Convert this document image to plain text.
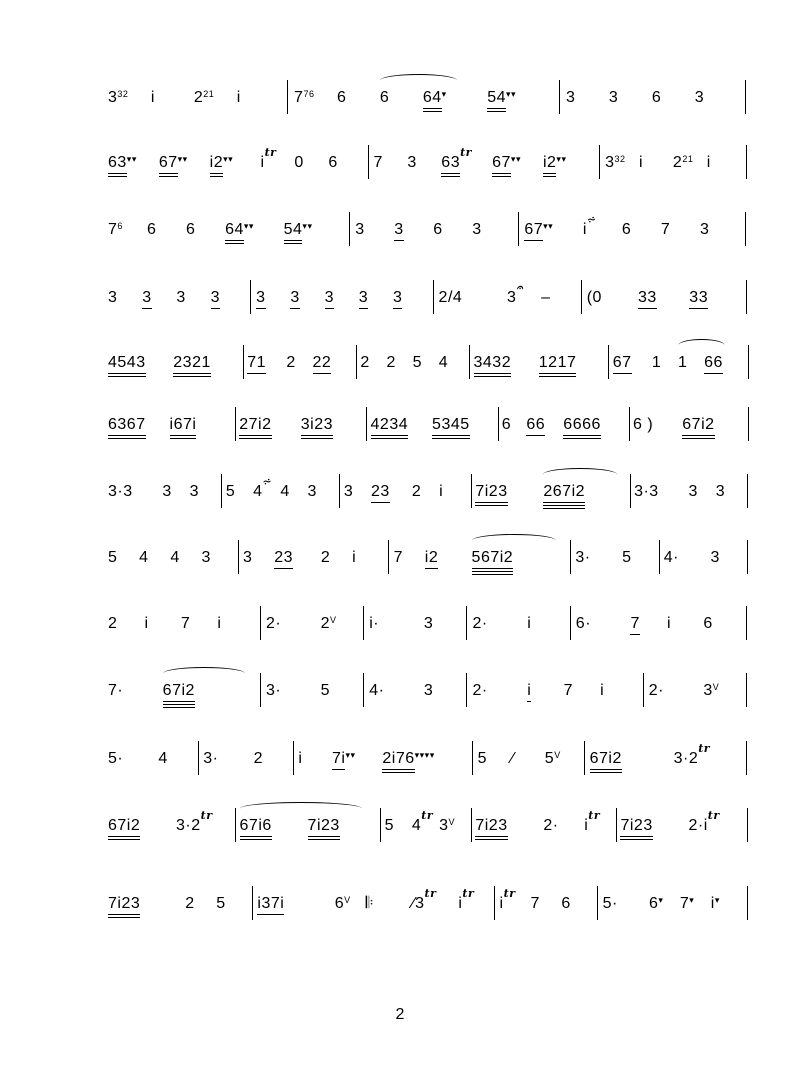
3 32 i 2 21 i	7 76 6 6 64 ▾	54 ▾▾	3 3 6 3
63 ▾▾ 67 ▾▾ i2 ▾▾ i
tr
0 6 7 3 63
tr
67 ▾▾ i2 ▾▾ 3 32 i 2 21 i
7 6 6 6 64 ▾▾ 54 ▾▾	3 3 6 3	67 ▾▾ i
⩫
6 7 3
3 3 3 3 3 3 3 3 3 2/4	3
𝄐
– (0 33 33
4543 2321 71 2 22 2 2 5 4 3432 1217 67 1 1 66
6367 i67i	27i2 3i23 4234 5345 6 66 6666 6 ) 67i2
3·3 3 3 5 4
⩫
4 3 3 23 2 i 7i23 267i2	3·3 3 3
5 4 4 3 3 23 2 i 7 i2 567i2	3· 5 4· 3
2 i 7 i	2· 2 V i·	3 2· i	6· 7 i 6
7· 67i2	3· 5 4· 3 2· i 7 i	2· 3 V
5· 4 3· 2 i 7i ▾▾ 2i76 ▾▾▾▾	5 ⁄ 5 V 67i2	3·2
tr
67i2 3·2
tr
67i6 7i23	5 4
tr
3 V 7i23 2· i
tr
7i23 2·i
tr
7i23	2 5 i37i	6 V 𝄆 ⁄3
tr
i
tr
i
tr
7 6 5· 6 ▾ 7 ▾ i ▾
2
